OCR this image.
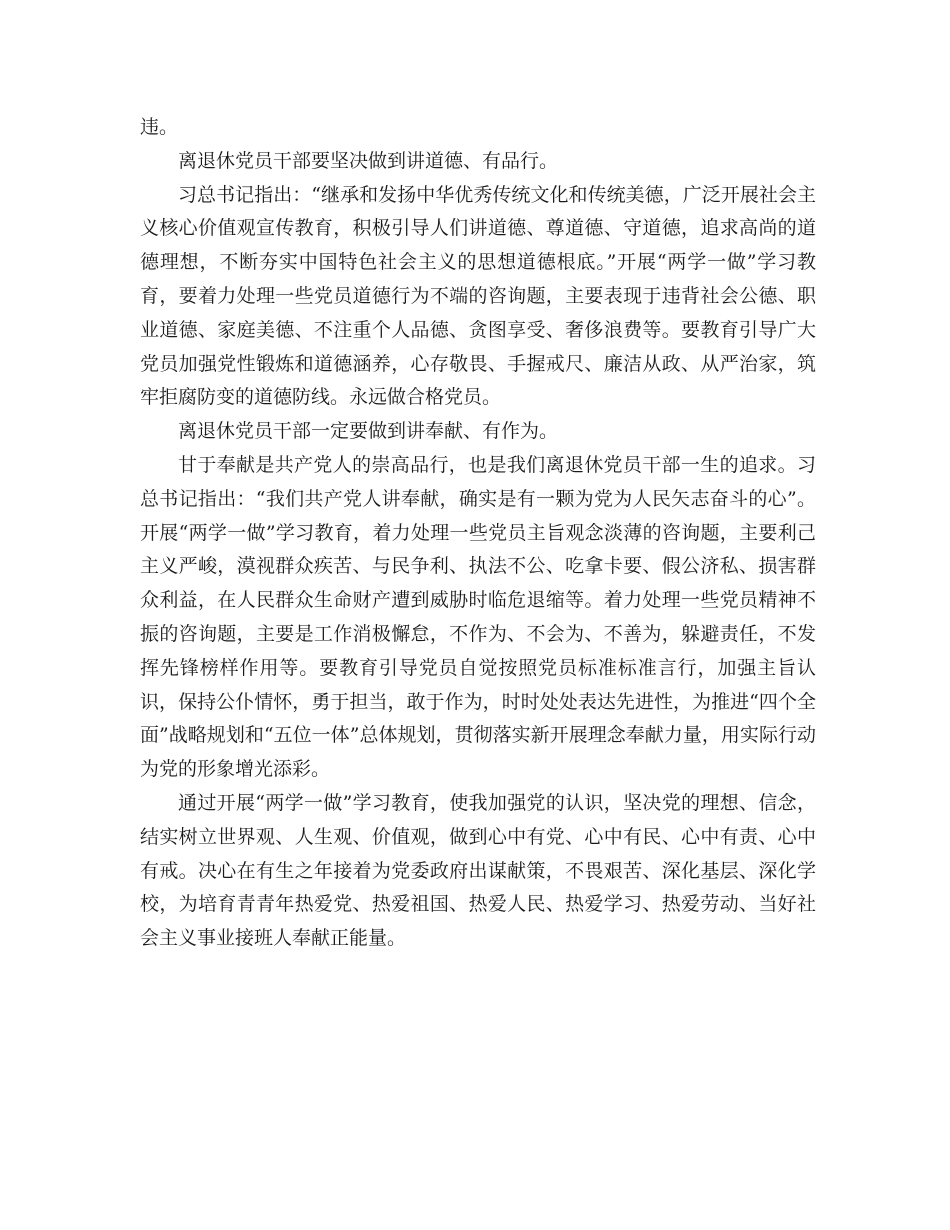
违。

离退休党员干部要坚决做到讲道德、有品行。

习总书记指出：“继承和发扬中华优秀传统文化和传统美德，广泛开展社会主义核心价值观宣传教育，积极引导人们讲道德、尊道德、守道德，追求高尚的道德理想，不断夯实中国特色社会主义的思想道德根底。”开展“两学一做”学习教育，要着力处理一些党员道德行为不端的咨询题，主要表现于违背社会公德、职业道德、家庭美德、不注重个人品德、贪图享受、奢侈浪费等。要教育引导广大党员加强党性锻炼和道德涵养，心存敬畏、手握戒尺、廉洁从政、从严治家，筑牢拒腐防变的道德防线。永远做合格党员。

离退休党员干部一定要做到讲奉献、有作为。

甘于奉献是共产党人的崇高品行，也是我们离退休党员干部一生的追求。习总书记指出：“我们共产党人讲奉献，确实是有一颗为党为人民矢志奋斗的心”。开展“两学一做”学习教育，着力处理一些党员主旨观念淡薄的咨询题，主要利己主义严峻，漠视群众疾苦、与民争利、执法不公、吃拿卡要、假公济私、损害群众利益，在人民群众生命财产遭到威胁时临危退缩等。着力处理一些党员精神不振的咨询题，主要是工作消极懈怠，不作为、不会为、不善为，躲避责任，不发挥先锋榜样作用等。要教育引导党员自觉按照党员标准标准言行，加强主旨认识，保持公仆情怀，勇于担当，敢于作为，时时处处表达先进性，为推进“四个全面”战略规划和“五位一体”总体规划，贯彻落实新开展理念奉献力量，用实际行动为党的形象增光添彩。

通过开展“两学一做”学习教育，使我加强党的认识，坚决党的理想、信念，结实树立世界观、人生观、价值观，做到心中有党、心中有民、心中有责、心中有戒。决心在有生之年接着为党委政府出谋献策，不畏艰苦、深化基层、深化学校，为培育青青年热爱党、热爱祖国、热爱人民、热爱学习、热爱劳动、当好社会主义事业接班人奉献正能量。
